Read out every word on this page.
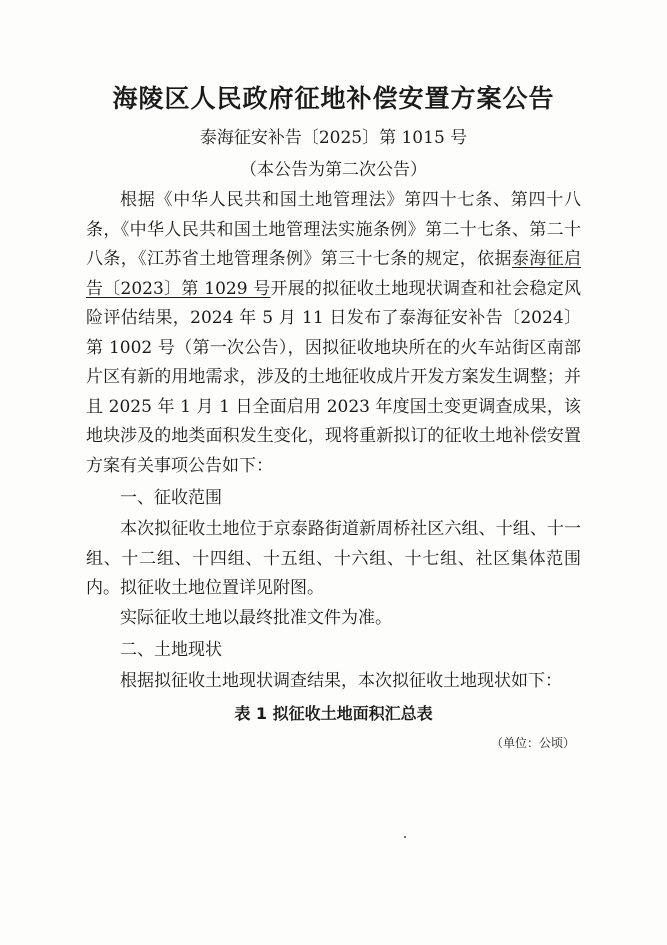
海陵区人民政府征地补偿安置方案公告
泰海征安补告〔2025〕第 1015 号
（本公告为第二次公告）

根据《中华人民共和国土地管理法》第四十七条、第四十八条，《中华人民共和国土地管理法实施条例》第二十七条、第二十八条，《江苏省土地管理条例》第三十七条的规定，依据泰海征启告〔2023〕第 1029 号开展的拟征收土地现状调查和社会稳定风险评估结果，2024 年 5 月 11 日发布了泰海征安补告〔2024〕第 1002 号（第一次公告），因拟征收地块所在的火车站街区南部片区有新的用地需求，涉及的土地征收成片开发方案发生调整；并且 2025 年 1 月 1 日全面启用 2023 年度国土变更调查成果，该地块涉及的地类面积发生变化，现将重新拟订的征收土地补偿安置方案有关事项公告如下：

一、征收范围

本次拟征收土地位于京泰路街道新周桥社区六组、十组、十一组、十二组、十四组、十五组、十六组、十七组、社区集体范围内。拟征收土地位置详见附图。

实际征收土地以最终批准文件为准。

二、土地现状

根据拟征收土地现状调查结果，本次拟征收土地现状如下：

表 1 拟征收土地面积汇总表

（单位：公顷）
